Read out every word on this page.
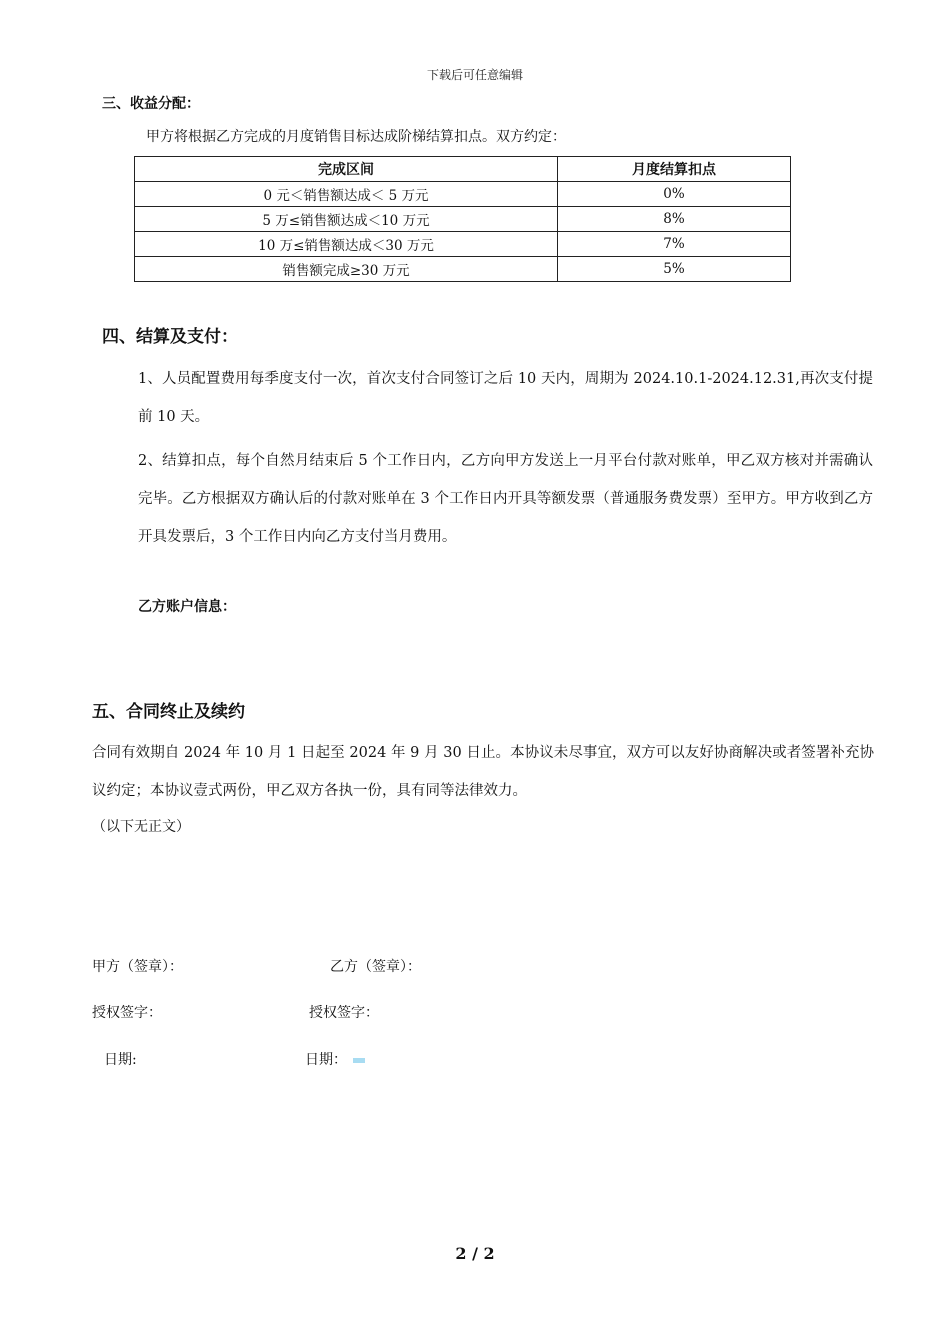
下载后可任意编辑
三、收益分配：
甲方将根据乙方完成的月度销售目标达成阶梯结算扣点。双方约定：
完成区间	月度结算扣点
0 元＜销售额达成＜ 5 万元	0%
5 万≤销售额达成＜10 万元	8%
10 万≤销售额达成＜30 万元	7%
销售额完成≥30 万元	5%
四、结算及支付：
1、人员配置费用每季度支付一次，首次支付合同签订之后 10 天内，周期为 2024.10.1-2024.12.31,再次支付提前 10 天。
2、结算扣点，每个自然月结束后 5 个工作日内，乙方向甲方发送上一月平台付款对账单，甲乙双方核对并需确认完毕。乙方根据双方确认后的付款对账单在 3 个工作日内开具等额发票（普通服务费发票）至甲方。甲方收到乙方开具发票后，3 个工作日内向乙方支付当月费用。
乙方账户信息：
五、合同终止及续约
合同有效期自 2024 年 10 月 1 日起至 2024 年 9 月 30 日止。本协议未尽事宜，双方可以友好协商解决或者签署补充协议约定；本协议壹式两份，甲乙双方各执一份，具有同等法律效力。
（以下无正文）
甲方（签章）：	乙方（签章）：
授权签字：	授权签字：
日期:	日期：
2 / 2
